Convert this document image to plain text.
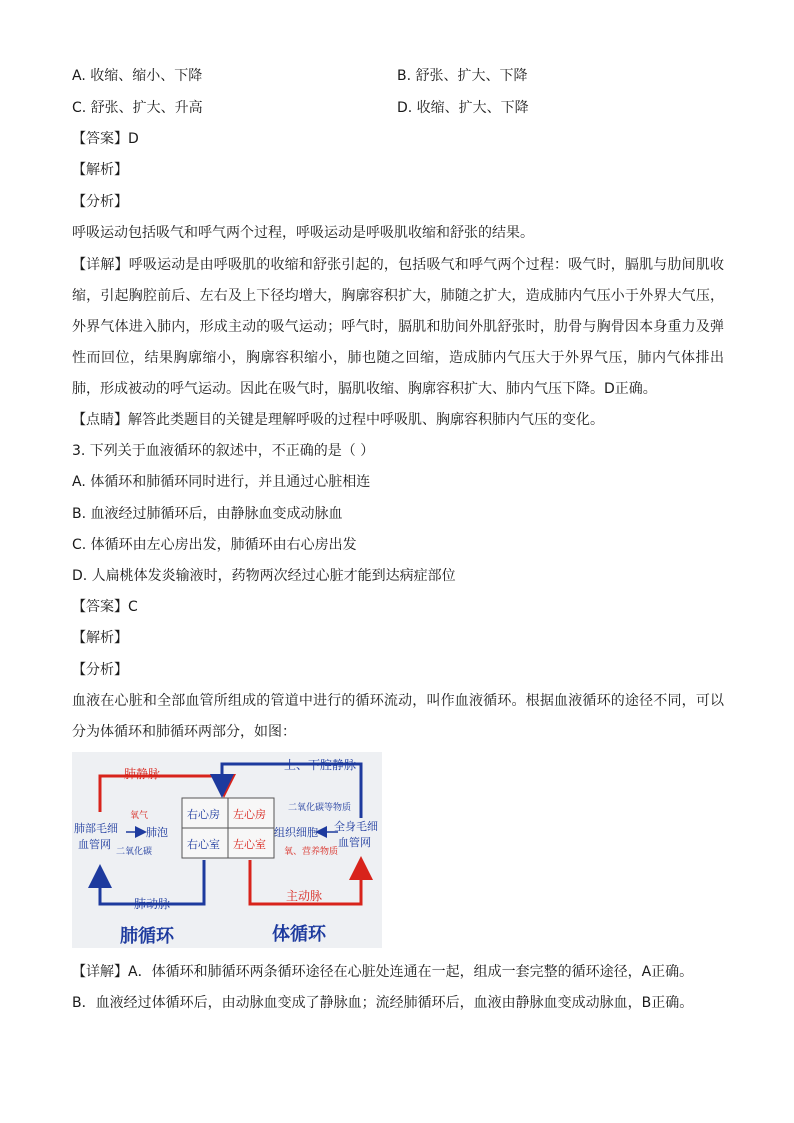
A. 收缩、缩小、下降	B. 舒张、扩大、下降
C. 舒张、扩大、升高	D. 收缩、扩大、下降
【答案】D
【解析】
【分析】
呼吸运动包括吸气和呼气两个过程，呼吸运动是呼吸肌收缩和舒张的结果。
【详解】呼吸运动是由呼吸肌的收缩和舒张引起的，包括吸气和呼气两个过程：吸气时，膈肌与肋间肌收缩，引起胸腔前后、左右及上下径均增大，胸廓容积扩大，肺随之扩大，造成肺内气压小于外界大气压，外界气体进入肺内，形成主动的吸气运动；呼气时，膈肌和肋间外肌舒张时，肋骨与胸骨因本身重力及弹性而回位，结果胸廓缩小，胸廓容积缩小，肺也随之回缩，造成肺内气压大于外界气压，肺内气体排出肺，形成被动的呼气运动。因此在吸气时，膈肌收缩、胸廓容积扩大、肺内气压下降。D正确。
【点睛】解答此类题目的关键是理解呼吸的过程中呼吸肌、胸廓容积肺内气压的变化。
3. 下列关于血液循环的叙述中，不正确的是（ ）
A. 体循环和肺循环同时进行，并且通过心脏相连
B. 血液经过肺循环后，由静脉血变成动脉血
C. 体循环由左心房出发，肺循环由右心房出发
D. 人扁桃体发炎输液时，药物两次经过心脏才能到达病症部位
【答案】C
【解析】
【分析】
血液在心脏和全部血管所组成的管道中进行的循环流动，叫作血液循环。根据血液循环的途径不同，可以分为体循环和肺循环两部分，如图：
肺静脉
上、下腔静脉
右心房 左心房
右心室 左心室
肺部毛细
血管网
氧气
肺泡
二氧化碳
二氧化碳等物质
组织细胞
氧、营养物质
全身毛细
血管网
肺动脉
主动脉
肺循环	体循环
【详解】A．体循环和肺循环两条循环途径在心脏处连通在一起，组成一套完整的循环途径，A正确。
B．血液经过体循环后，由动脉血变成了静脉血；流经肺循环后，血液由静脉血变成动脉血，B正确。
